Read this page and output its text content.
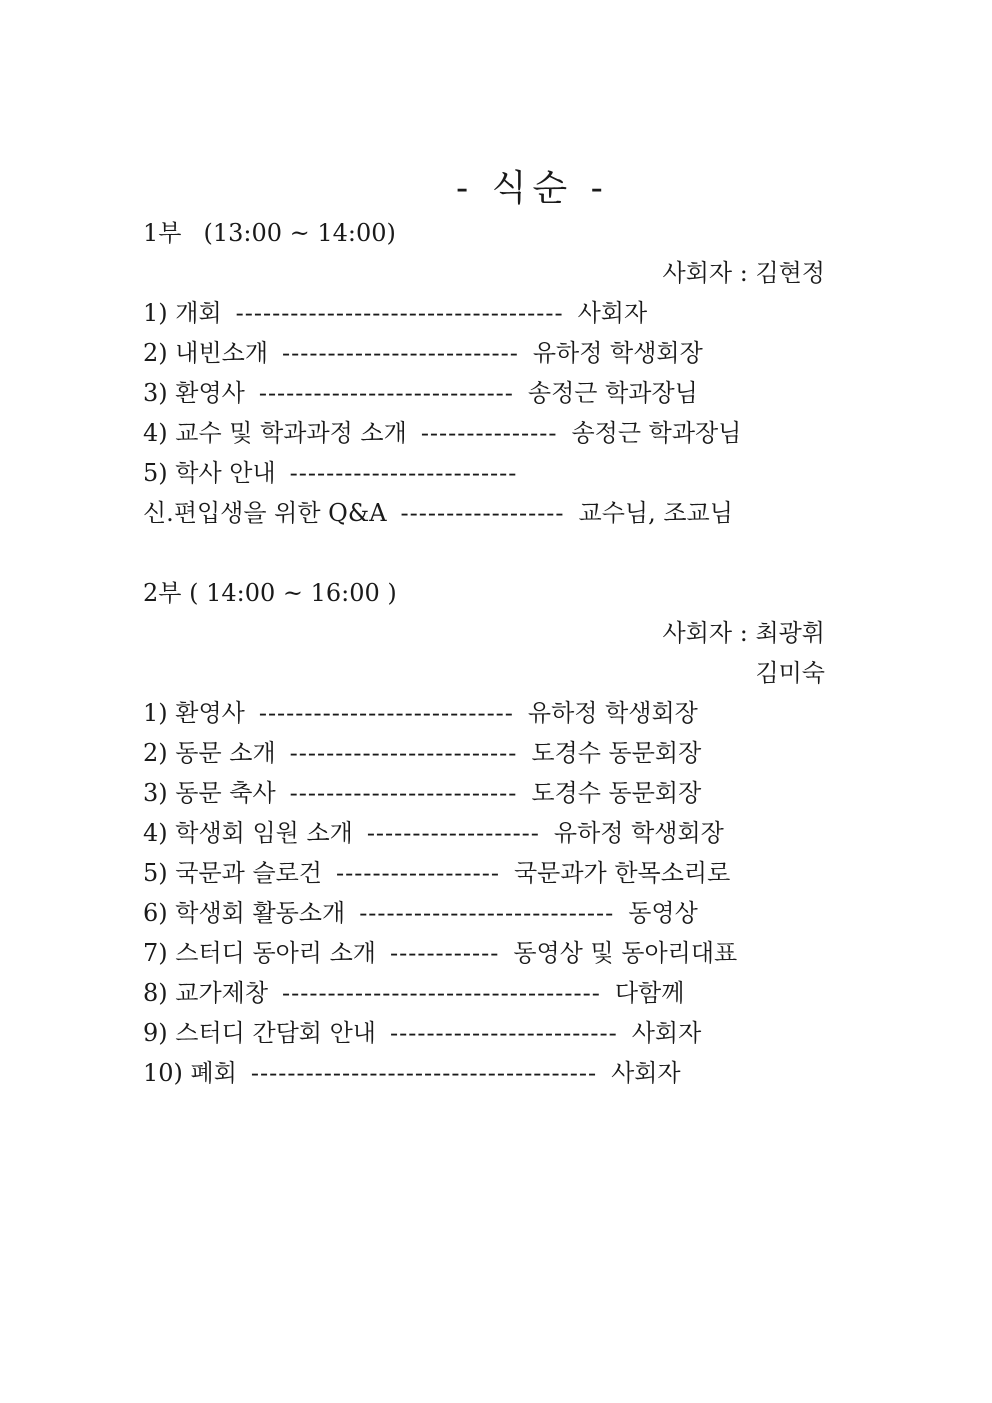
- 식순 -
1부 (13:00 ~ 14:00)
사회자 : 김현정
1) 개회 ------------------------------------ 사회자
2) 내빈소개 -------------------------- 유하정 학생회장
3) 환영사 ---------------------------- 송정근 학과장님
4) 교수 및 학과과정 소개 --------------- 송정근 학과장님
5) 학사 안내 -------------------------
신.편입생을 위한 Q&A ------------------ 교수님, 조교님
2부 ( 14:00 ~ 16:00 )
사회자 : 최광휘
김미숙
1) 환영사 ---------------------------- 유하정 학생회장
2) 동문 소개 ------------------------- 도경수 동문회장
3) 동문 축사 ------------------------- 도경수 동문회장
4) 학생회 임원 소개 ------------------- 유하정 학생회장
5) 국문과 슬로건 ------------------ 국문과가 한목소리로
6) 학생회 활동소개 ---------------------------- 동영상
7) 스터디 동아리 소개 ------------ 동영상 및 동아리대표
8) 교가제창 ----------------------------------- 다함께
9) 스터디 간담회 안내 ------------------------- 사회자
10) 폐회 -------------------------------------- 사회자
